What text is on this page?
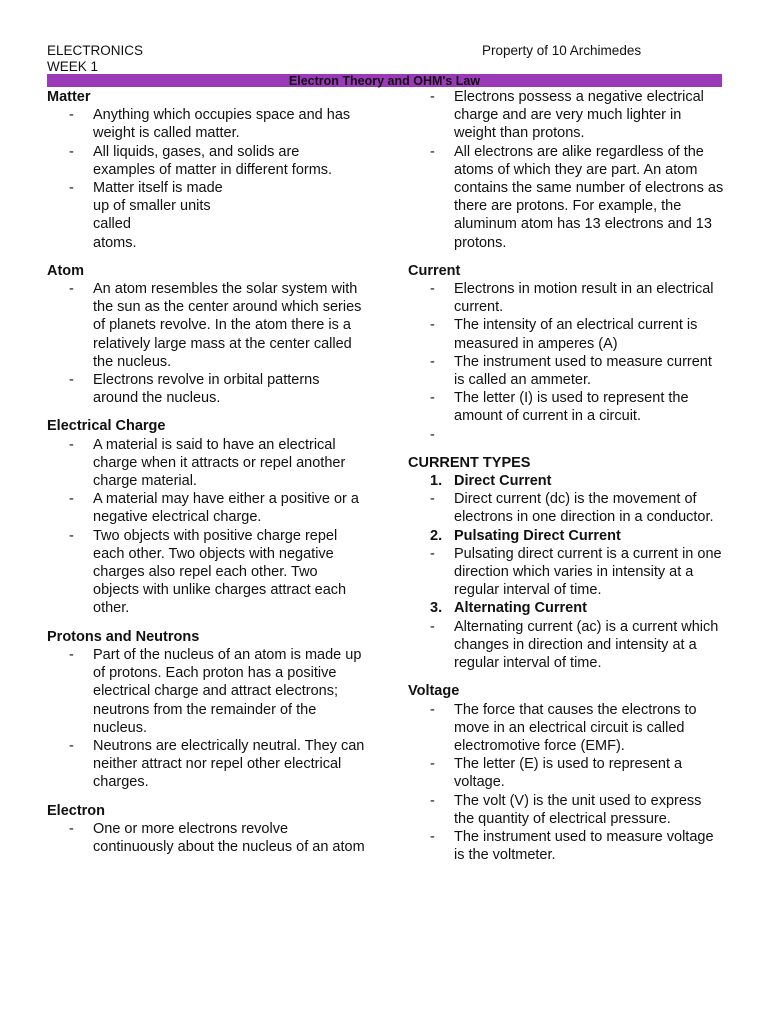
ELECTRONICS
WEEK 1
Property of 10 Archimedes
Electron Theory and OHM's Law
Matter
- Anything which occupies space and has weight is called matter.
- All liquids, gases, and solids are examples of matter in different forms.
- Matter itself is made up of smaller units called
atoms.
Atom
- An atom resembles the solar system with the sun as the center around which series of planets revolve. In the atom there is a relatively large mass at the center called the nucleus.
- Electrons revolve in orbital patterns around the nucleus.
Electrical Charge
- A material is said to have an electrical charge when it attracts or repel another charge material.
- A material may have either a positive or a negative electrical charge.
- Two objects with positive charge repel each other. Two objects with negative charges also repel each other. Two objects with unlike charges attract each other.
Protons and Neutrons
- Part of the nucleus of an atom is made up of protons. Each proton has a positive electrical charge and attract electrons; neutrons from the remainder of the nucleus.
- Neutrons are electrically neutral. They can neither attract nor repel other electrical charges.
Electron
- One or more electrons revolve continuously about the nucleus of an atom
- Electrons possess a negative electrical charge and are very much lighter in weight than protons.
- All electrons are alike regardless of the atoms of which they are part. An atom contains the same number of electrons as there are protons. For example, the aluminum atom has 13 electrons and 13 protons.
Current
- Electrons in motion result in an electrical current.
- The intensity of an electrical current is measured in amperes (A)
- The instrument used to measure current is called an ammeter.
- The letter (I) is used to represent the amount of current in a circuit.
-
CURRENT TYPES
1. Direct Current
- Direct current (dc) is the movement of electrons in one direction in a conductor.
2. Pulsating Direct Current
- Pulsating direct current is a current in one direction which varies in intensity at a regular interval of time.
3. Alternating Current
- Alternating current (ac) is a current which changes in direction and intensity at a regular interval of time.
Voltage
- The force that causes the electrons to move in an electrical circuit is called electromotive force (EMF).
- The letter (E) is used to represent a voltage.
- The volt (V) is the unit used to express the quantity of electrical pressure.
- The instrument used to measure voltage is the voltmeter.
